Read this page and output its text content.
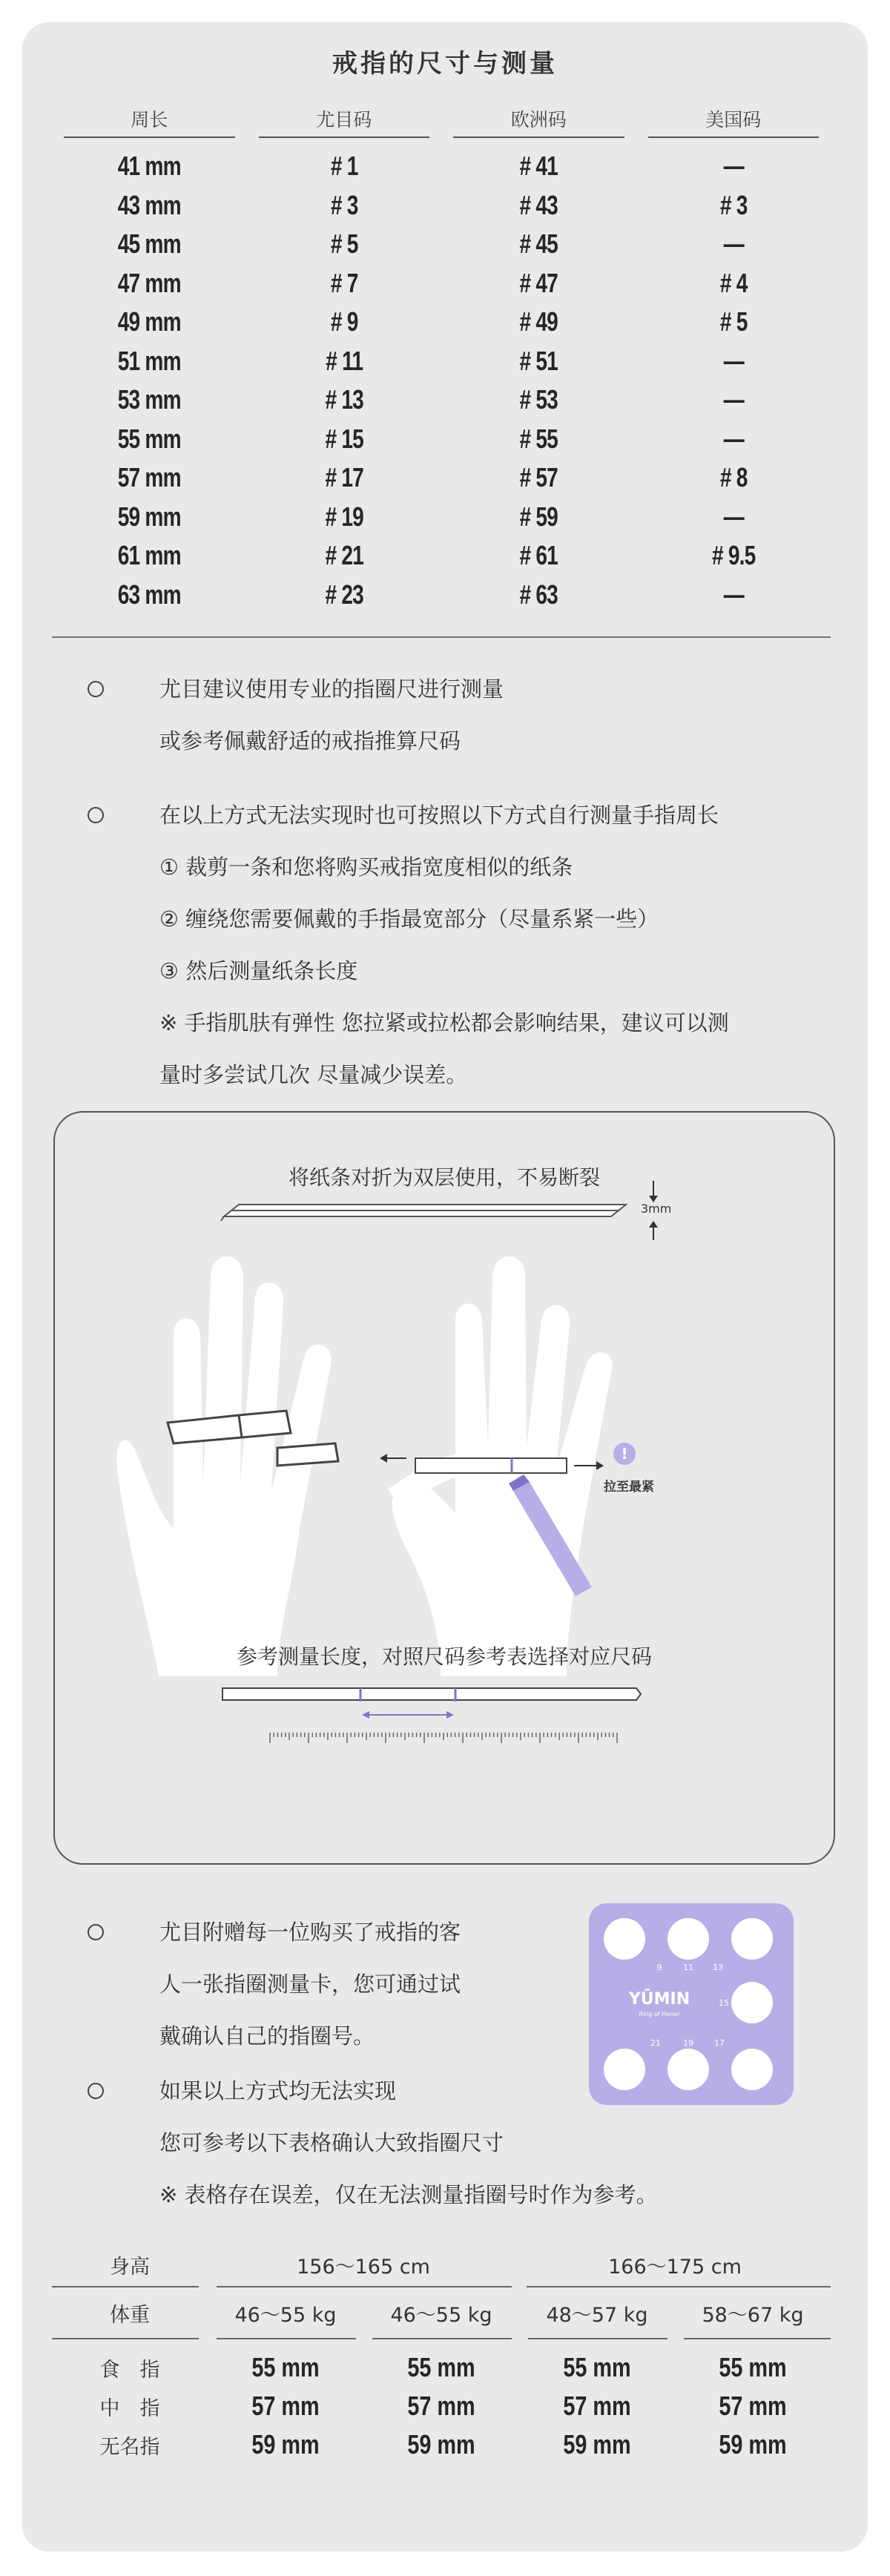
戒指的尺寸与测量
周长	尤目码	欧洲码	美国码
41 mm	# 1	# 41	—
43 mm	# 3	# 43	# 3
45 mm	# 5	# 45	—
47 mm	# 7	# 47	# 4
49 mm	# 9	# 49	# 5
51 mm	# 11	# 51	—
53 mm	# 13	# 53	—
55 mm	# 15	# 55	—
57 mm	# 17	# 57	# 8
59 mm	# 19	# 59	—
61 mm	# 21	# 61	# 9.5
63 mm	# 23	# 63	—
尤目建议使用专业的指圈尺进行测量
或参考佩戴舒适的戒指推算尺码
在以上方式无法实现时也可按照以下方式自行测量手指周长
① 裁剪一条和您将购买戒指宽度相似的纸条
② 缠绕您需要佩戴的手指最宽部分（尽量系紧一些）
③ 然后测量纸条长度
※ 手指肌肤有弹性 您拉紧或拉松都会影响结果，建议可以测
量时多尝试几次 尽量减少误差。
!
将纸条对折为双层使用，不易断裂
3mm
拉至最紧
参考测量长度，对照尺码参考表选择对应尺码
尤目附赠每一位购买了戒指的客
人一张指圈测量卡，您可通过试
戴确认自己的指圈号。
9	11 13
15
21	19	17
YŪMIN
Ring of Honor
如果以上方式均无法实现
您可参考以下表格确认大致指圈尺寸
※ 表格存在误差，仅在无法测量指圈号时作为参考。
身高	156～165 cm	166～175 cm
体重	46～55 kg	46～55 kg	48～57 kg	58～67 kg
食　指	55 mm	55 mm	55 mm	55 mm
中　指	57 mm	57 mm	57 mm	57 mm
无名指	59 mm	59 mm	59 mm	59 mm
